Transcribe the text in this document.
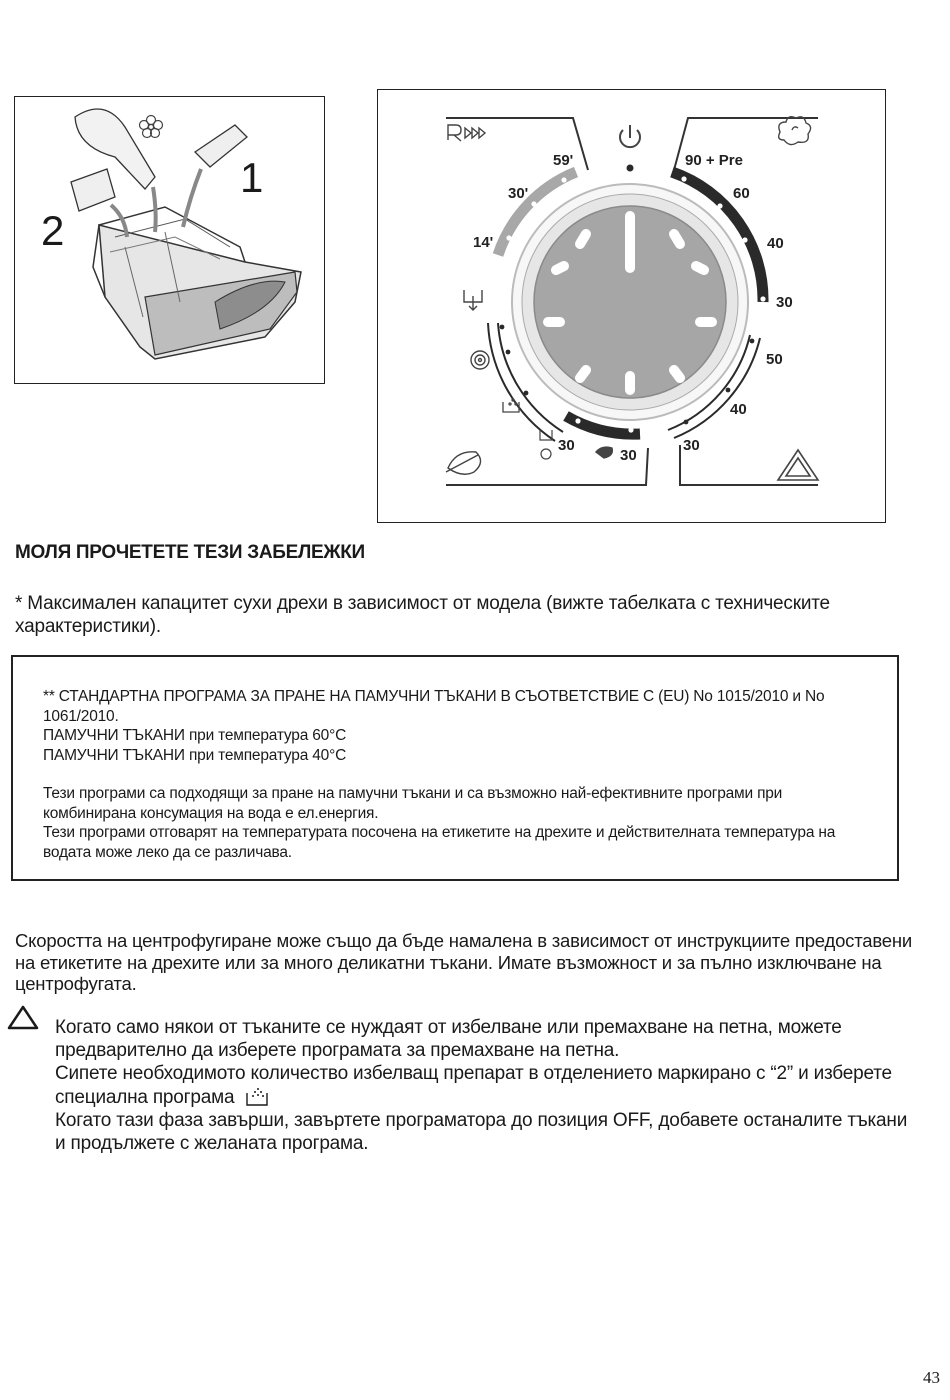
1
2
59'
30'
14'
90 + Pre
60
40
30
50
40
30
30
30
МОЛЯ ПРОЧЕТЕТЕ ТЕЗИ ЗАБЕЛЕЖКИ
* Максимален капацитет сухи дрехи в зависимост от модела (вижте табелката с техническите характеристики).
** СТАНДАРТНА ПРОГРАМА ЗА ПРАНЕ НА ПАМУЧНИ ТЪКАНИ В СЪОТВЕТСТВИЕ С (EU) No 1015/2010 и No 1061/2010.
ПАМУЧНИ ТЪКАНИ при температура 60°C
ПАМУЧНИ ТЪКАНИ при температура 40°C
Тези програми са подходящи за пране на памучни тъкани и са възможно най-ефективните програми при комбинирана консумация на вода е ел.енергия.
Тези програми отговарят на температурата посочена на етикетите на дрехите и действителната температура на водата може леко да се различава.
Скоростта на центрофугиране може също да бъде намалена в зависимост от инструкциите предоставени на етикетите на дрехите или за много деликатни тъкани. Имате възможност и за пълно изключване на центрофугата.
Когато само някои от тъканите се нуждаят от избелване или премахване на петна, можете предварително да изберете програмата за премахване на петна.
Сипете необходимото количество избелващ препарат в отделението маркирано с “2” и изберете специална програма
Когато тази фаза завърши, завъртете програматора до позиция OFF, добавете останалите тъкани и продължете с желаната програма.
43
